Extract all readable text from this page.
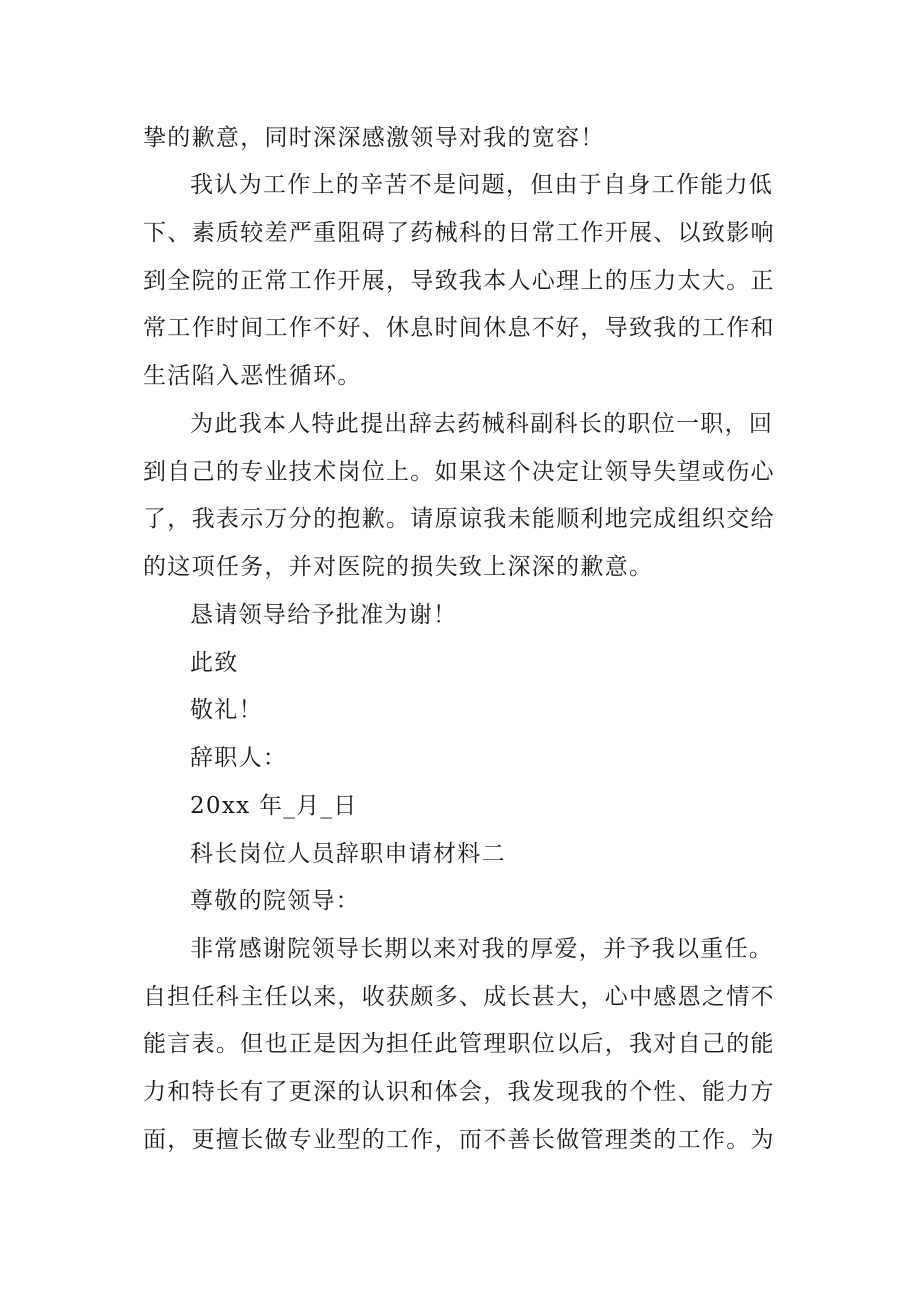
挚的歉意，同时深深感激领导对我的宽容！
我认为工作上的辛苦不是问题，但由于自身工作能力低
下、素质较差严重阻碍了药械科的日常工作开展、以致影响
到全院的正常工作开展，导致我本人心理上的压力太大。正
常工作时间工作不好、休息时间休息不好，导致我的工作和
生活陷入恶性循环。
为此我本人特此提出辞去药械科副科长的职位一职，回
到自己的专业技术岗位上。如果这个决定让领导失望或伤心
了，我表示万分的抱歉。请原谅我未能顺利地完成组织交给
的这项任务，并对医院的损失致上深深的歉意。
恳请领导给予批准为谢！
此致
敬礼！
辞职人：
20xx 年_月_日
科长岗位人员辞职申请材料二
尊敬的院领导：
非常感谢院领导长期以来对我的厚爱，并予我以重任。
自担任科主任以来，收获颇多、成长甚大，心中感恩之情不
能言表。但也正是因为担任此管理职位以后，我对自己的能
力和特长有了更深的认识和体会，我发现我的个性、能力方
面，更擅长做专业型的工作，而不善长做管理类的工作。为
